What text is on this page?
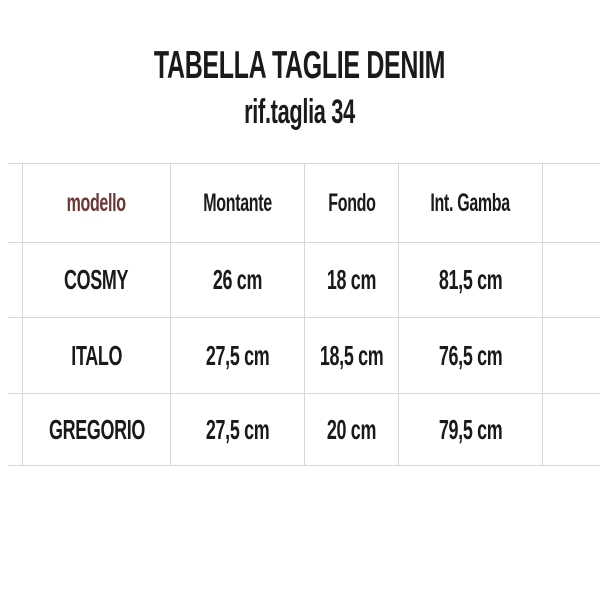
TABELLA TAGLIE DENIM
rif.taglia 34
modello	Montante Fondo Int. Gamba
COSMY	26 cm 18 cm 81,5 cm
ITALO	27,5 cm 18,5 cm 76,5 cm
GREGORIO 27,5 cm 20 cm 79,5 cm
